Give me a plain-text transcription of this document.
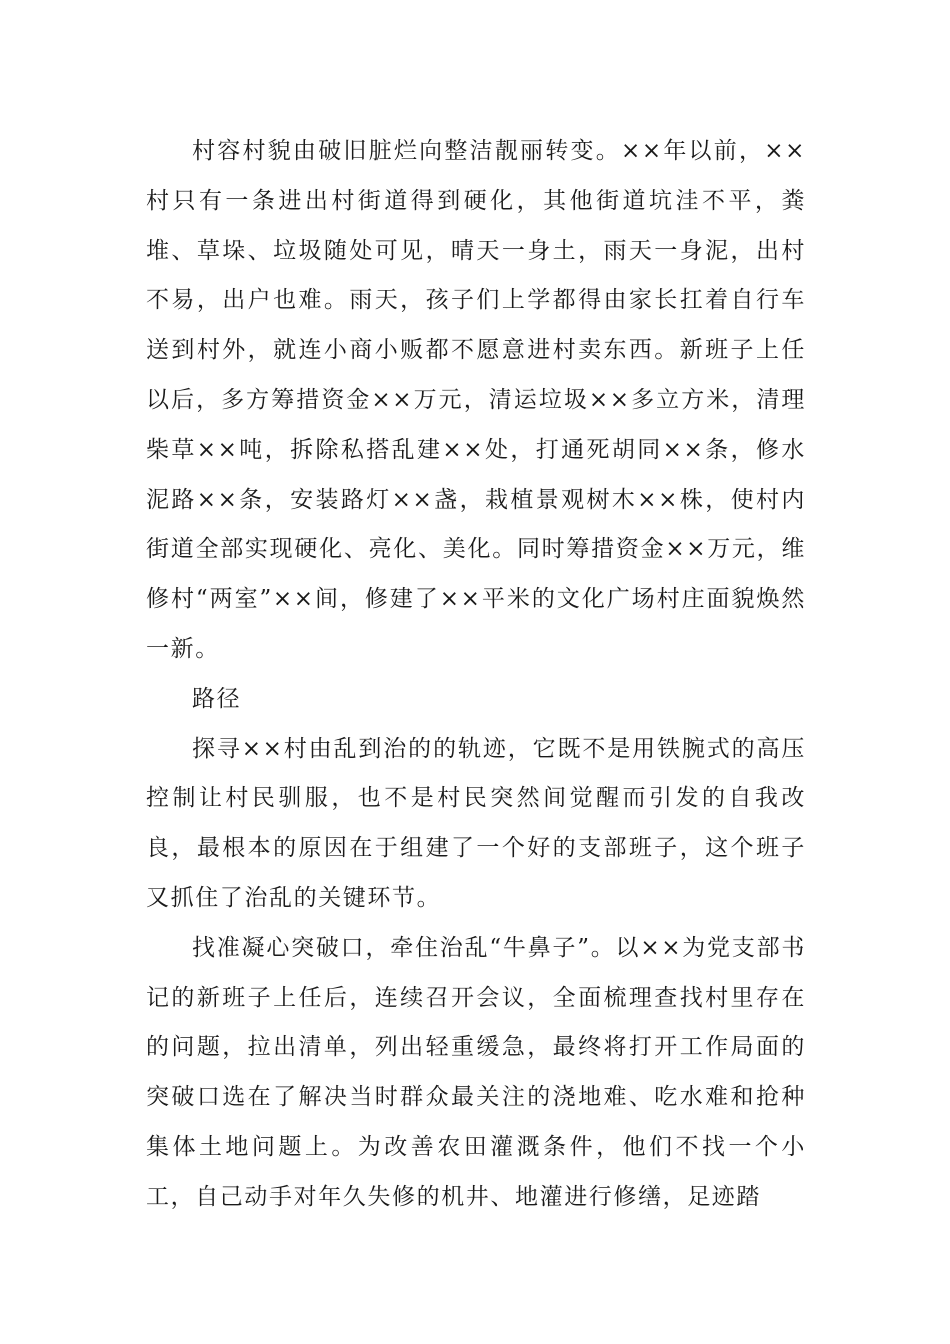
村容村貌由破旧脏烂向整洁靓丽转变。××年以前，××村只有一条进出村街道得到硬化，其他街道坑洼不平，粪堆、草垛、垃圾随处可见，晴天一身土，雨天一身泥，出村不易，出户也难。雨天，孩子们上学都得由家长扛着自行车送到村外，就连小商小贩都不愿意进村卖东西。新班子上任以后，多方筹措资金××万元，清运垃圾××多立方米，清理柴草××吨，拆除私搭乱建××处，打通死胡同××条，修水泥路××条，安装路灯××盏，栽植景观树木××株，使村内街道全部实现硬化、亮化、美化。同时筹措资金××万元，维修村“两室”××间，修建了××平米的文化广场村庄面貌焕然一新。

路径

探寻××村由乱到治的的轨迹，它既不是用铁腕式的高压控制让村民驯服，也不是村民突然间觉醒而引发的自我改良，最根本的原因在于组建了一个好的支部班子，这个班子又抓住了治乱的关键环节。

找准凝心突破口，牵住治乱“牛鼻子”。以××为党支部书记的新班子上任后，连续召开会议，全面梳理查找村里存在的问题，拉出清单，列出轻重缓急，最终将打开工作局面的突破口选在了解决当时群众最关注的浇地难、吃水难和抢种集体土地问题上。为改善农田灌溉条件，他们不找一个小工，自己动手对年久失修的机井、地灌进行修缮，足迹踏
